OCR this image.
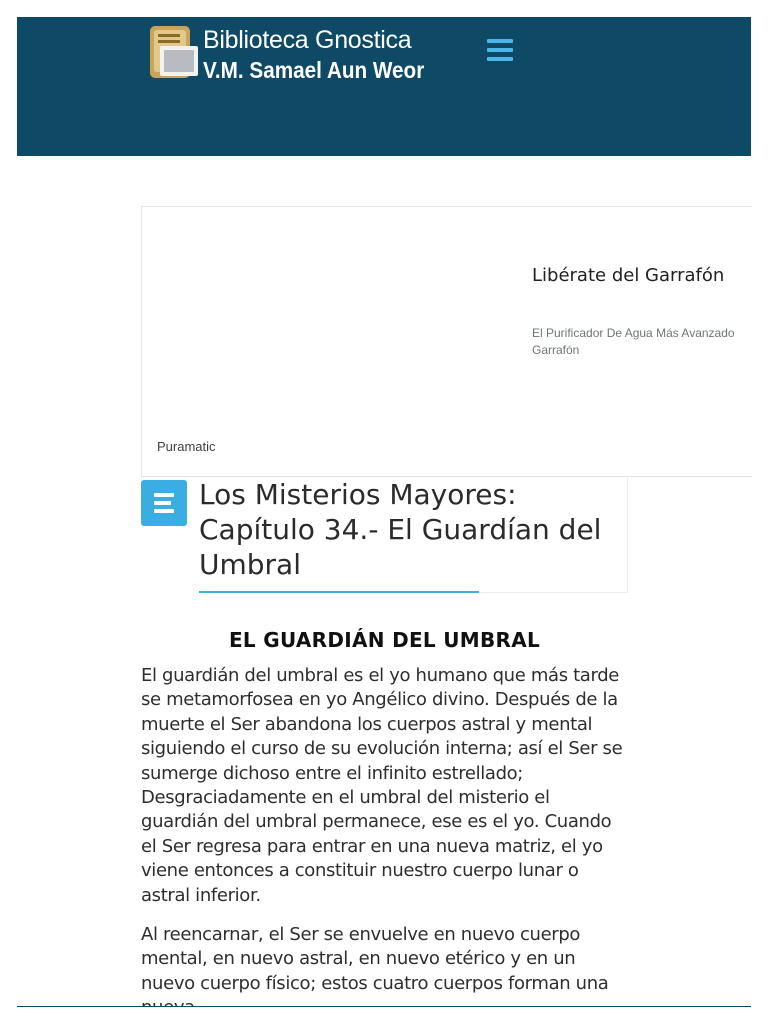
Biblioteca Gnostica
V.M. Samael Aun Weor
Libérate del Garrafón
El Purificador De Agua Más Avanzado Garrafón
Puramatic
Los Misterios Mayores: Capítulo 34.- El Guardían del Umbral
EL GUARDIÁN DEL UMBRAL

El guardián del umbral es el yo humano que más tarde se metamorfosea en yo Angélico divino. Después de la muerte el Ser abandona los cuerpos astral y mental siguiendo el curso de su evolución interna; así el Ser se sumerge dichoso entre el infinito estrellado; Desgraciadamente en el umbral del misterio el guardián del umbral permanece, ese es el yo. Cuando el Ser regresa para entrar en una nueva matriz, el yo viene entonces a constituir nuestro cuerpo lunar o astral inferior.

Al reencarnar, el Ser se envuelve en nuevo cuerpo mental, en nuevo astral, en nuevo etérico y en un nuevo cuerpo físico; estos cuatro cuerpos forman una
